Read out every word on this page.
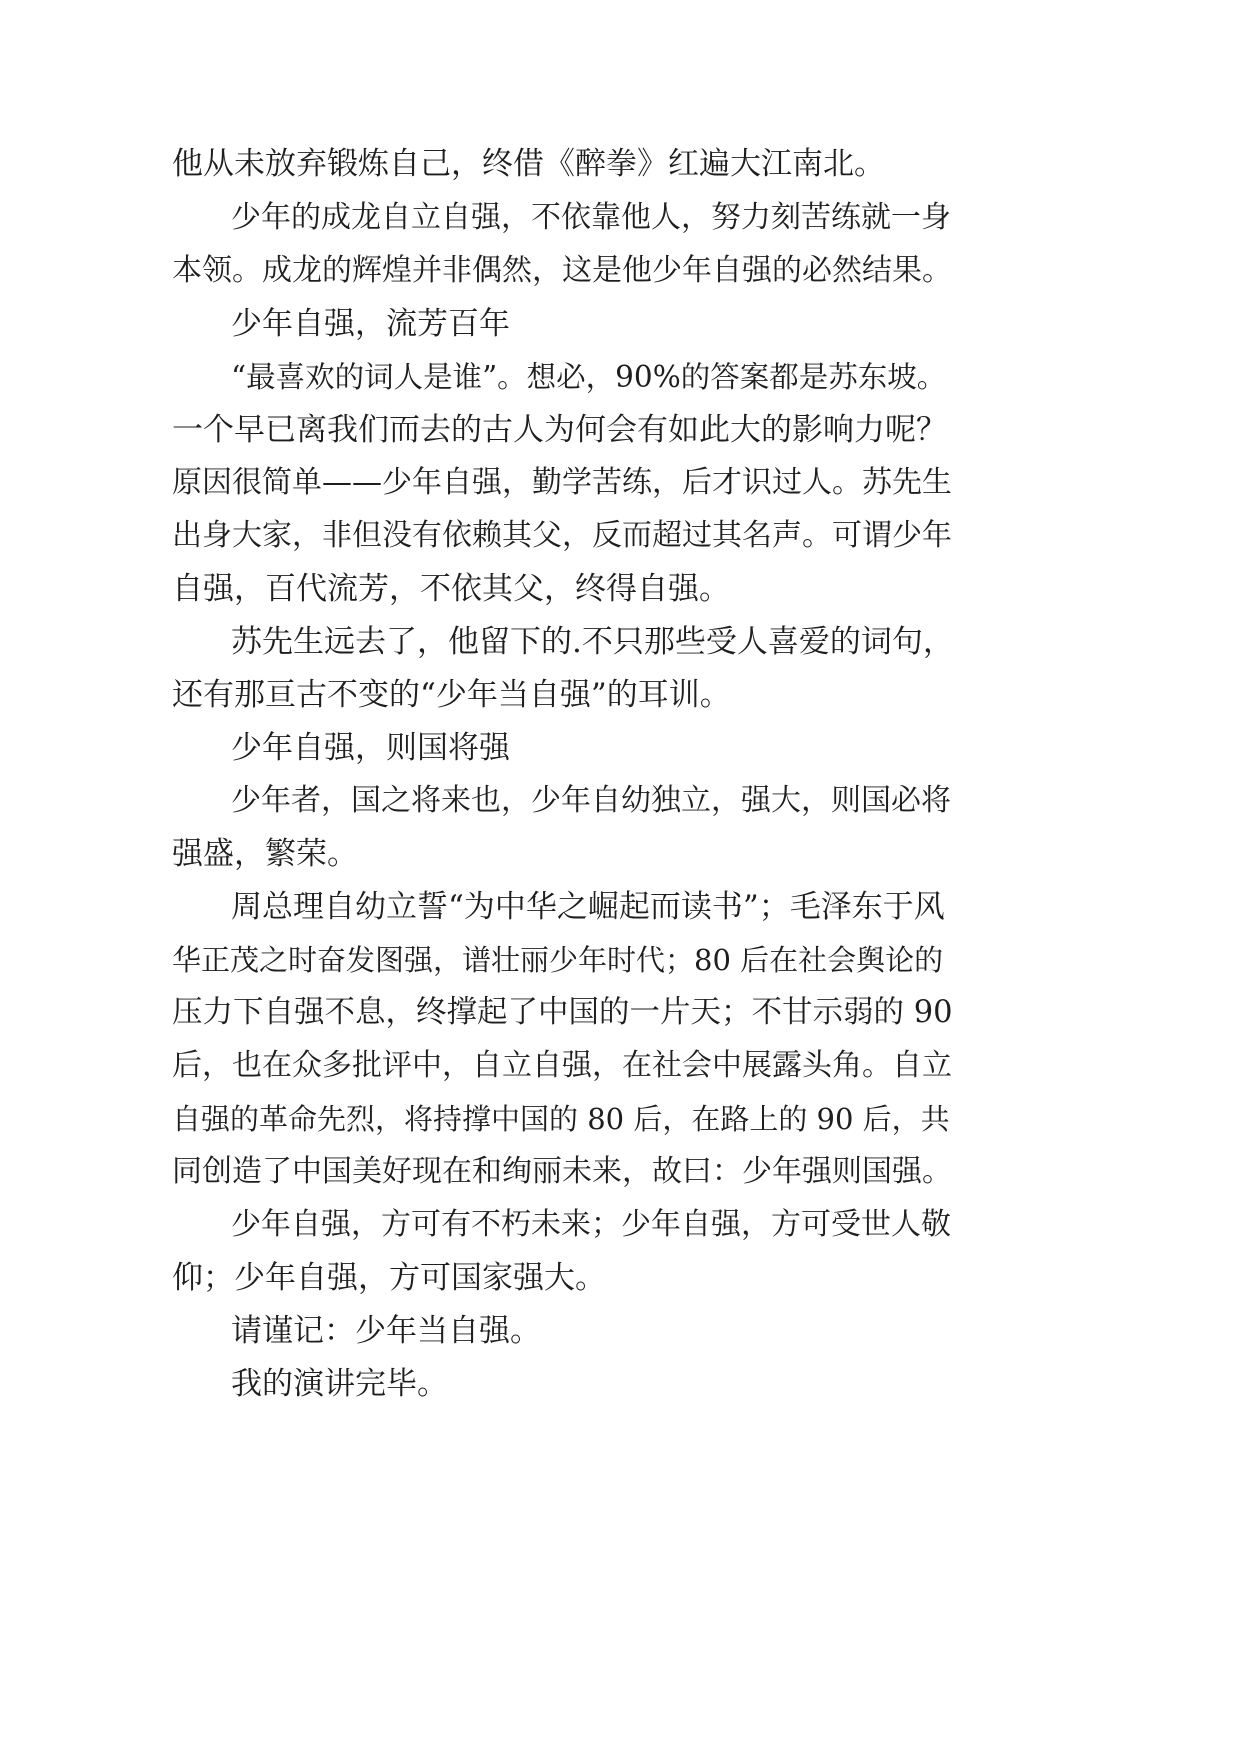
他从未放弃锻炼自己，终借《醉拳》红遍大江南北。

少年的成龙自立自强，不依靠他人，努力刻苦练就一身

本领。成龙的辉煌并非偶然，这是他少年自强的必然结果。

少年自强，流芳百年

“最喜欢的词人是谁”。想必，90%的答案都是苏东坡。

一个早已离我们而去的古人为何会有如此大的影响力呢？

原因很简单——少年自强，勤学苦练，后才识过人。苏先生

出身大家，非但没有依赖其父，反而超过其名声。可谓少年

自强，百代流芳，不依其父，终得自强。

苏先生远去了，他留下的.不只那些受人喜爱的词句，

还有那亘古不变的“少年当自强”的耳训。

少年自强，则国将强

少年者，国之将来也，少年自幼独立，强大，则国必将

强盛，繁荣。

周总理自幼立誓“为中华之崛起而读书”；毛泽东于风

华正茂之时奋发图强，谱壮丽少年时代；80 后在社会舆论的

压力下自强不息，终撑起了中国的一片天；不甘示弱的 90

后，也在众多批评中，自立自强，在社会中展露头角。自立

自强的革命先烈，将持撑中国的 80 后，在路上的 90 后，共

同创造了中国美好现在和绚丽未来，故曰：少年强则国强。

少年自强，方可有不朽未来；少年自强，方可受世人敬

仰；少年自强，方可国家强大。

请谨记：少年当自强。

我的演讲完毕。
